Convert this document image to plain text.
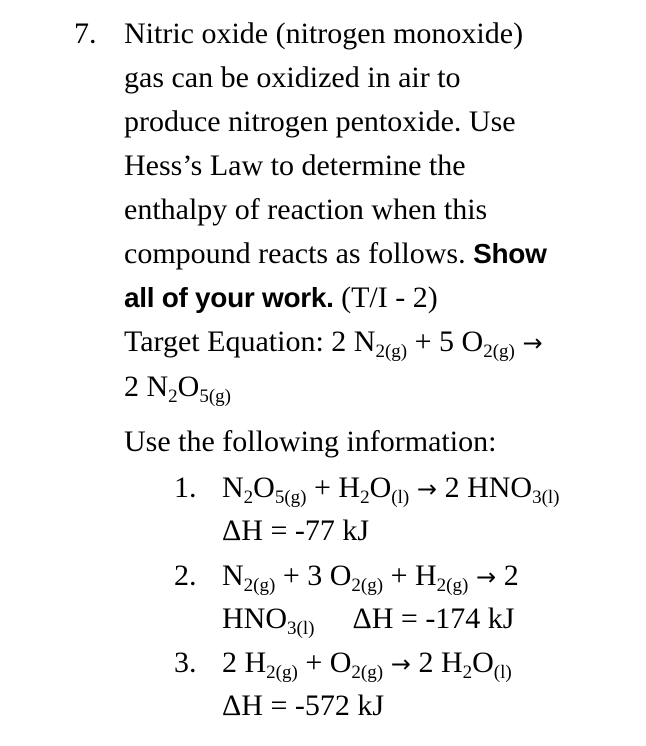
7. Nitric oxide (nitrogen monoxide)
gas can be oxidized in air to
produce nitrogen pentoxide. Use
Hess’s Law to determine the
enthalpy of reaction when this
compound reacts as follows. Show
all of your work. (T/I - 2)
Target Equation: 2 $N_{2(g)} + 5$ $O_{2(g)}$ →
2 $N_2O_{5(g)}$
Use the following information:
1. $N_2O_{5(g)} + H_2O_{(l)} \to 2$ $HNO_{3(l)}$
ΔH = -77 kJ
2. $N_{2(g)} + 3$ $O_{2(g)} + H_{2(g)} \to 2$
$HNO_{3(l)}$ ΔH = -174 kJ
3. 2 $H_{2(g)} + O_{2(g)} \to 2$ $H_2O_{(l)}$
ΔH = -572 kJ
